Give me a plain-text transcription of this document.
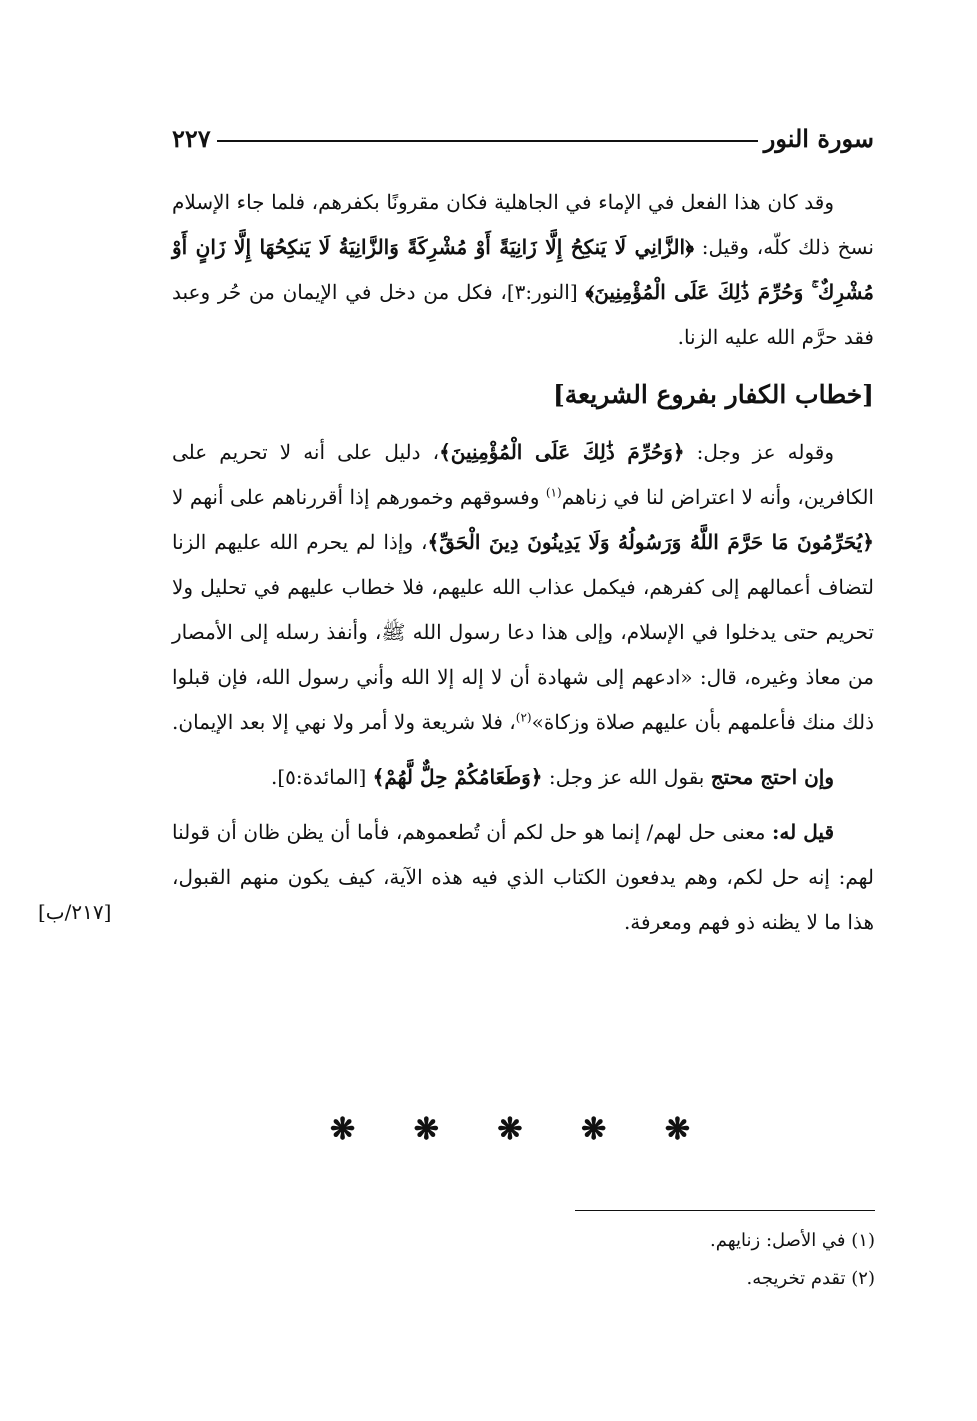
٢٢٧	سورة النور

وقد كان هذا الفعل في الإماء في الجاهلية فكان مقرونًا بكفرهم، فلما جاء الإسلام نسخ ذلك كلّه، وقيل: ﴿الزَّانِي لَا يَنكِحُ إِلَّا زَانِيَةً أَوْ مُشْرِكَةً وَالزَّانِيَةُ لَا يَنكِحُهَا إِلَّا زَانٍ أَوْ مُشْرِكٌ ۚ وَحُرِّمَ ذَٰلِكَ عَلَى الْمُؤْمِنِينَ﴾ [النور:٣]، فكل من دخل في الإيمان من حُر وعبد فقد حرَّم الله عليه الزنا.

[خطاب الكفار بفروع الشريعة]

وقوله عز وجل: ﴿وَحُرِّمَ ذَٰلِكَ عَلَى الْمُؤْمِنِينَ﴾، دليل على أنه لا تحريم على الكافرين، وأنه لا اعتراض لنا في زناهم$^{(١)}$ وفسوقهم وخمورهم إذا أقررناهم على أنهم لا ﴿يُحَرِّمُونَ مَا حَرَّمَ اللَّهُ وَرَسُولُهُ وَلَا يَدِينُونَ دِينَ الْحَقِّ﴾، وإذا لم يحرم الله عليهم الزنا لتضاف أعمالهم إلى كفرهم، فيكمل عذاب الله عليهم، فلا خطاب عليهم في تحليل ولا تحريم حتى يدخلوا في الإسلام، وإلى هذا دعا رسول الله ﷺ، وأنفذ رسله إلى الأمصار من معاذ وغيره، قال: «ادعهم إلى شهادة أن لا إله إلا الله وأني رسول الله، فإن قبلوا ذلك منك فأعلمهم بأن عليهم صلاة وزكاة»$^{(٢)}$، فلا شريعة ولا أمر ولا نهي إلا بعد الإيمان.

وإن احتج محتج بقول الله عز وجل: ﴿وَطَعَامُكُمْ حِلٌّ لَّهُمْ﴾ [المائدة:٥].

قيل له: معنى حل لهم/ إنما هو حل لكم أن تُطعموهم، فأما أن يظن ظان أن قولنا لهم: إنه حل لكم، وهم يدفعون الكتاب الذي فيه هذه الآية، كيف يكون منهم القبول، هذا ما لا يظنه ذو فهم ومعرفة.

[٢١٧/ب]
❋ ❋ ❋ ❋ ❋
(١) في الأصل: زنايهم.
(٢) تقدم تخريجه.
